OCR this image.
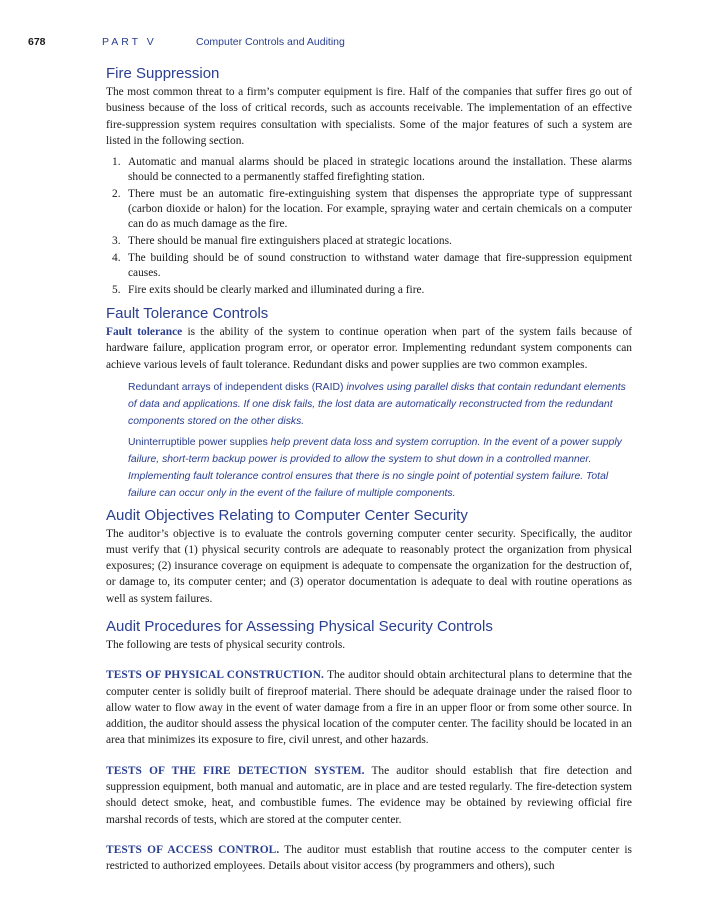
678	PART V	Computer Controls and Auditing
Fire Suppression

The most common threat to a firm’s computer equipment is fire. Half of the companies that suffer fires go out of business because of the loss of critical records, such as accounts receivable. The implementation of an effective fire-suppression system requires consultation with specialists. Some of the major features of such a system are listed in the following section.

1. Automatic and manual alarms should be placed in strategic locations around the installation. These alarms should be connected to a permanently staffed firefighting station.
2. There must be an automatic fire-extinguishing system that dispenses the appropriate type of suppressant (carbon dioxide or halon) for the location. For example, spraying water and certain chemicals on a computer can do as much damage as the fire.
3. There should be manual fire extinguishers placed at strategic locations.
4. The building should be of sound construction to withstand water damage that fire-suppression equipment causes.
5. Fire exits should be clearly marked and illuminated during a fire.
Fault Tolerance Controls

Fault tolerance is the ability of the system to continue operation when part of the system fails because of hardware failure, application program error, or operator error. Implementing redundant system components can achieve various levels of fault tolerance. Redundant disks and power supplies are two common examples.

Redundant arrays of independent disks (RAID) involves using parallel disks that contain redundant elements of data and applications. If one disk fails, the lost data are automatically reconstructed from the redundant components stored on the other disks.
Uninterruptible power supplies help prevent data loss and system corruption. In the event of a power supply failure, short-term backup power is provided to allow the system to shut down in a controlled manner. Implementing fault tolerance control ensures that there is no single point of potential system failure. Total failure can occur only in the event of the failure of multiple components.
Audit Objectives Relating to Computer Center Security

The auditor’s objective is to evaluate the controls governing computer center security. Specifically, the auditor must verify that (1) physical security controls are adequate to reasonably protect the organization from physical exposures; (2) insurance coverage on equipment is adequate to compensate the organization for the destruction of, or damage to, its computer center; and (3) operator documentation is adequate to deal with routine operations as well as system failures.

Audit Procedures for Assessing Physical Security Controls

The following are tests of physical security controls.

TESTS OF PHYSICAL CONSTRUCTION. The auditor should obtain architectural plans to determine that the computer center is solidly built of fireproof material. There should be adequate drainage under the raised floor to allow water to flow away in the event of water damage from a fire in an upper floor or from some other source. In addition, the auditor should assess the physical location of the computer center. The facility should be located in an area that minimizes its exposure to fire, civil unrest, and other hazards.

TESTS OF THE FIRE DETECTION SYSTEM. The auditor should establish that fire detection and suppression equipment, both manual and automatic, are in place and are tested regularly. The fire-detection system should detect smoke, heat, and combustible fumes. The evidence may be obtained by reviewing official fire marshal records of tests, which are stored at the computer center.

TESTS OF ACCESS CONTROL. The auditor must establish that routine access to the computer center is restricted to authorized employees. Details about visitor access (by programmers and others), such
